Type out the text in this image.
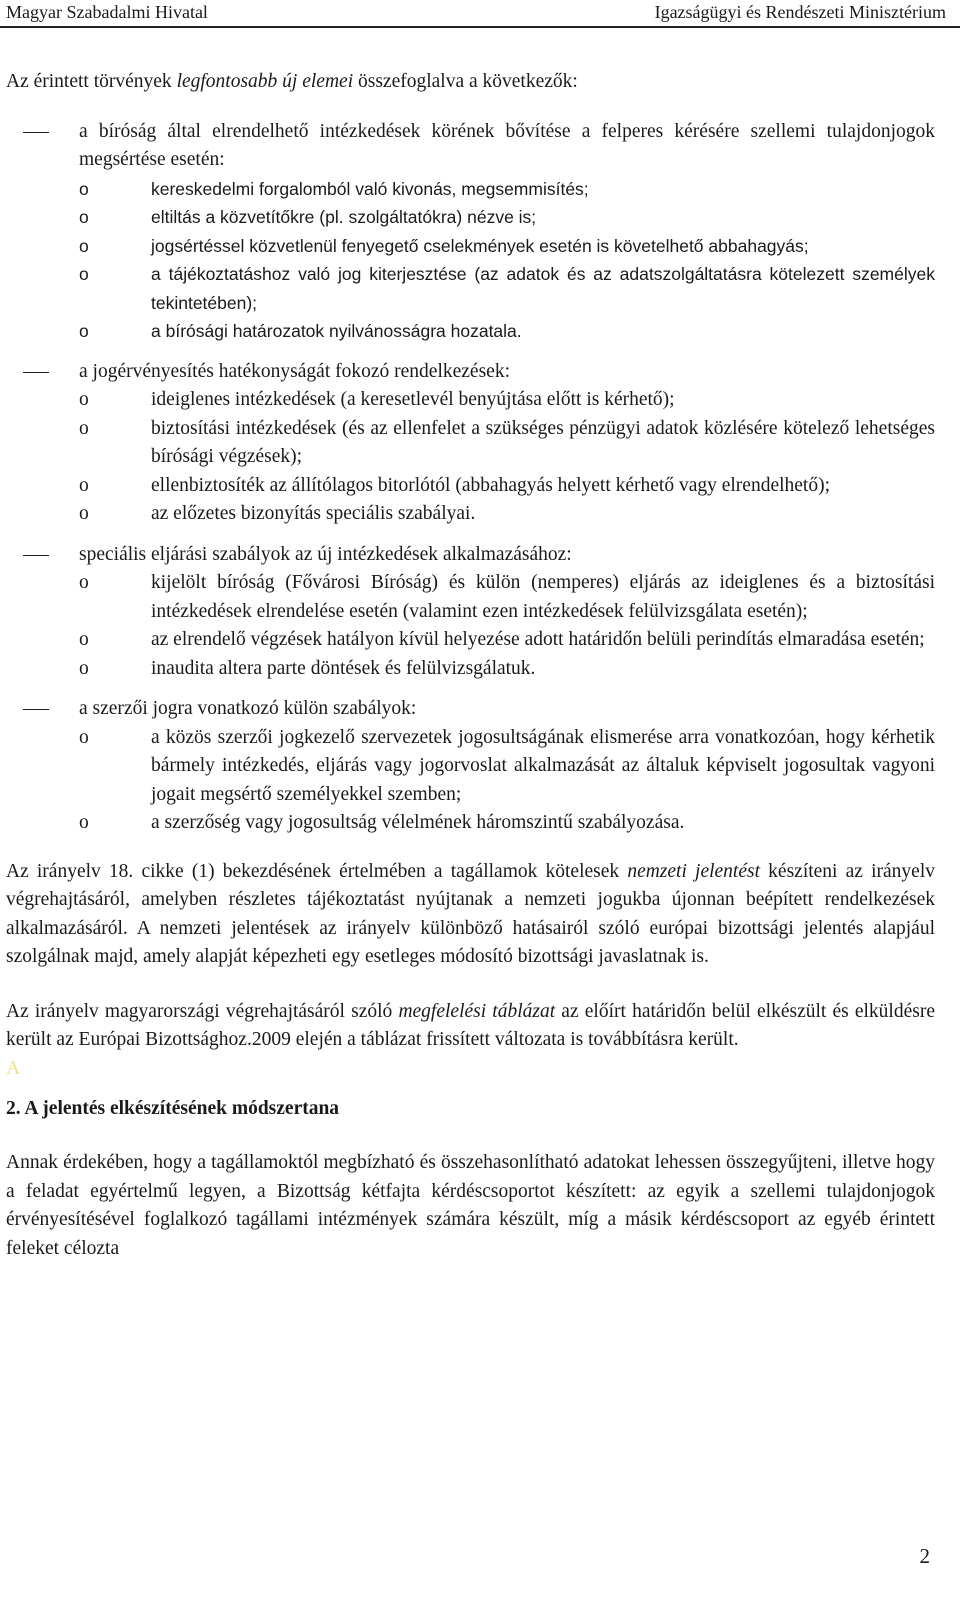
Magyar Szabadalmi Hivatal	Igazságügyi és Rendészeti Minisztérium

Az érintett törvények legfontosabb új elemei összefoglalva a következők:

a bíróság által elrendelhető intézkedések körének bővítése a felperes kérésére szellemi tulajdonjogok megsértése esetén:
o	kereskedelmi forgalomból való kivonás, megsemmisítés;
o	eltiltás a közvetítőkre (pl. szolgáltatókra) nézve is;
o	jogsértéssel közvetlenül fenyegető cselekmények esetén is követelhető abbahagyás;
o	a tájékoztatáshoz való jog kiterjesztése (az adatok és az adatszolgáltatásra kötelezett személyek tekintetében);
o	a bírósági határozatok nyilvánosságra hozatala.
a jogérvényesítés hatékonyságát fokozó rendelkezések:
o	ideiglenes intézkedések (a keresetlevél benyújtása előtt is kérhető);
o	biztosítási intézkedések (és az ellenfelet a szükséges pénzügyi adatok közlésére kötelező lehetséges bírósági végzések);
o	ellenbiztosíték az állítólagos bitorlótól (abbahagyás helyett kérhető vagy elrendelhető);
o	az előzetes bizonyítás speciális szabályai.
speciális eljárási szabályok az új intézkedések alkalmazásához:
o	kijelölt bíróság (Fővárosi Bíróság) és külön (nemperes) eljárás az ideiglenes és a biztosítási intézkedések elrendelése esetén (valamint ezen intézkedések felülvizsgálata esetén);
o	az elrendelő végzések hatályon kívül helyezése adott határidőn belüli perindítás elmaradása esetén;
o	inaudita altera parte döntések és felülvizsgálatuk.
a szerzői jogra vonatkozó külön szabályok:
o	a közös szerzői jogkezelő szervezetek jogosultságának elismerése arra vonatkozóan, hogy kérhetik bármely intézkedés, eljárás vagy jogorvoslat alkalmazását az általuk képviselt jogosultak vagyoni jogait megsértő személyekkel szemben;
o	a szerzőség vagy jogosultság vélelmének háromszintű szabályozása.

Az irányelv 18. cikke (1) bekezdésének értelmében a tagállamok kötelesek nemzeti jelentést készíteni az irányelv végrehajtásáról, amelyben részletes tájékoztatást nyújtanak a nemzeti jogukba újonnan beépített rendelkezések alkalmazásáról. A nemzeti jelentések az irányelv különböző hatásairól szóló európai bizottsági jelentés alapjául szolgálnak majd, amely alapját képezheti egy esetleges módosító bizottsági javaslatnak is.

Az irányelv magyarországi végrehajtásáról szóló megfelelési táblázat az előírt határidőn belül elkészült és elküldésre került az Európai Bizottsághoz.2009 elején a táblázat frissített változata is továbbításra került.

A

2. A jelentés elkészítésének módszertana

Annak érdekében, hogy a tagállamoktól megbízható és összehasonlítható adatokat lehessen összegyűjteni, illetve hogy a feladat egyértelmű legyen, a Bizottság kétfajta kérdéscsoportot készített: az egyik a szellemi tulajdonjogok érvényesítésével foglalkozó tagállami intézmények számára készült, míg a másik kérdéscsoport az egyéb érintett feleket célozta

2
